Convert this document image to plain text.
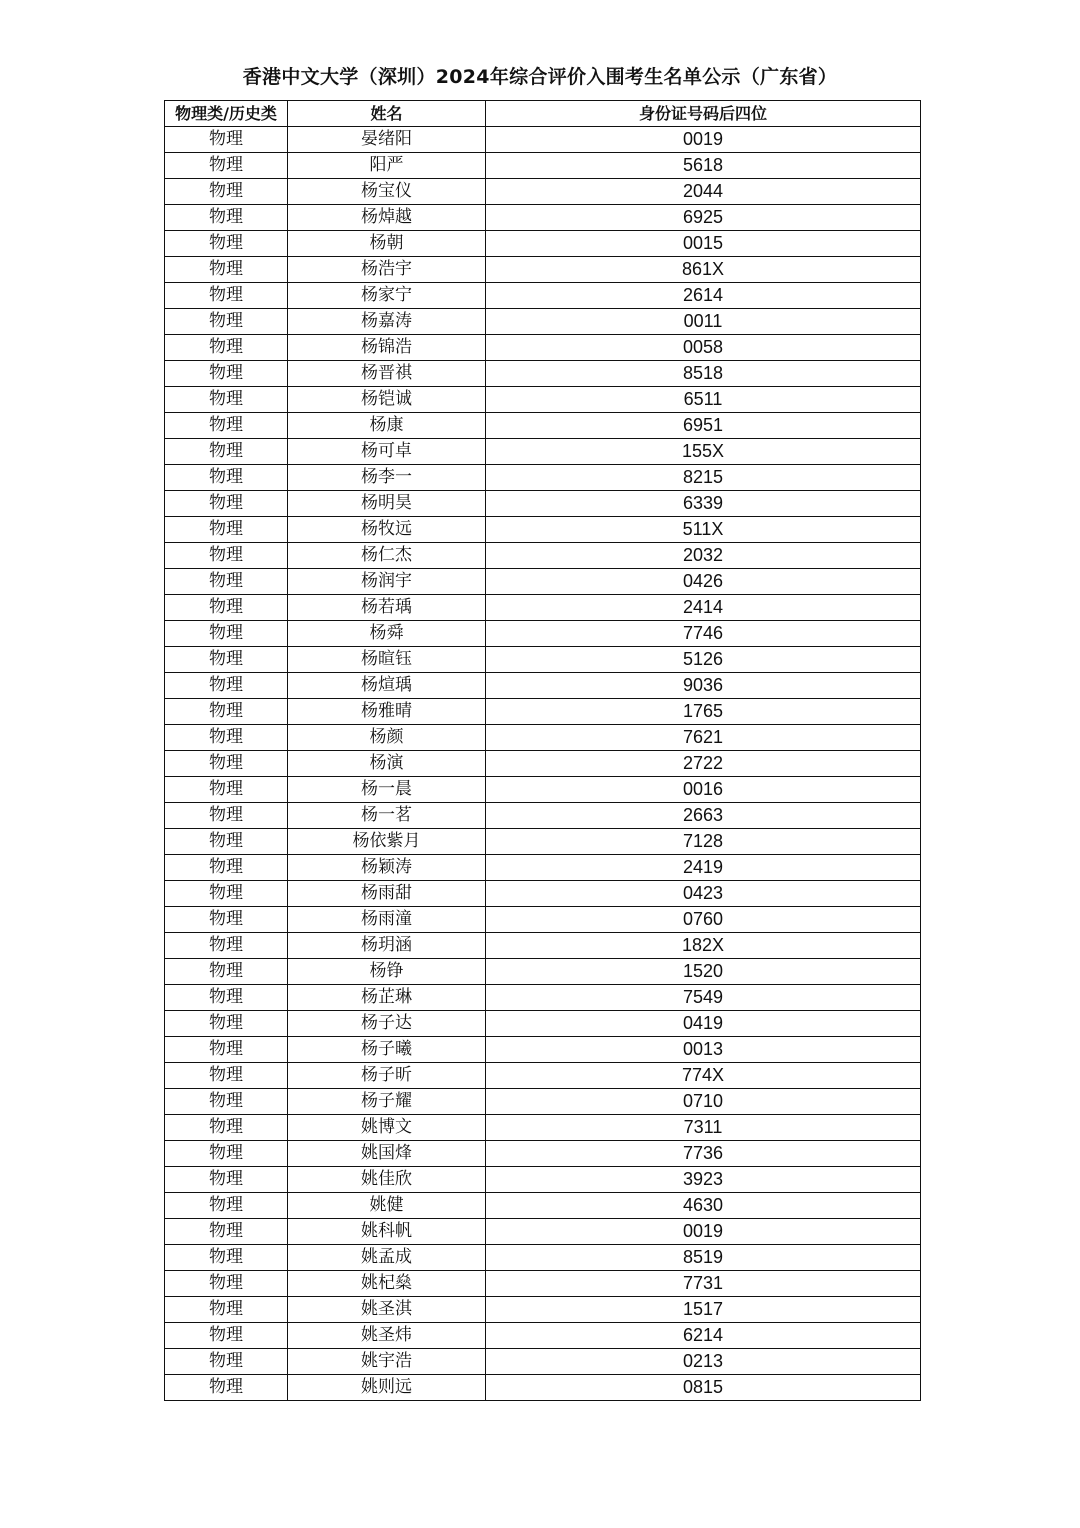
香港中文大学（深圳）2024年综合评价入围考生名单公示（广东省）
物理类/历史类	姓名	身份证号码后四位
物理	晏绪阳	0019
物理	阳严	5618
物理	杨宝仪	2044
物理	杨焯越	6925
物理	杨朝	0015
物理	杨浩宇	861X
物理	杨家宁	2614
物理	杨嘉涛	0011
物理	杨锦浩	0058
物理	杨晋祺	8518
物理	杨铠诚	6511
物理	杨康	6951
物理	杨可卓	155X
物理	杨李一	8215
物理	杨明昊	6339
物理	杨牧远	511X
物理	杨仁杰	2032
物理	杨润宇	0426
物理	杨若瑀	2414
物理	杨舜	7746
物理	杨暄钰	5126
物理	杨煊瑀	9036
物理	杨雅晴	1765
物理	杨颜	7621
物理	杨演	2722
物理	杨一晨	0016
物理	杨一茗	2663
物理	杨依紫月	7128
物理	杨颖涛	2419
物理	杨雨甜	0423
物理	杨雨潼	0760
物理	杨玥涵	182X
物理	杨铮	1520
物理	杨芷琳	7549
物理	杨子达	0419
物理	杨子曦	0013
物理	杨子昕	774X
物理	杨子耀	0710
物理	姚博文	7311
物理	姚国烽	7736
物理	姚佳欣	3923
物理	姚健	4630
物理	姚科帆	0019
物理	姚孟成	8519
物理	姚杞燊	7731
物理	姚圣淇	1517
物理	姚圣炜	6214
物理	姚宇浩	0213
物理	姚则远	0815
